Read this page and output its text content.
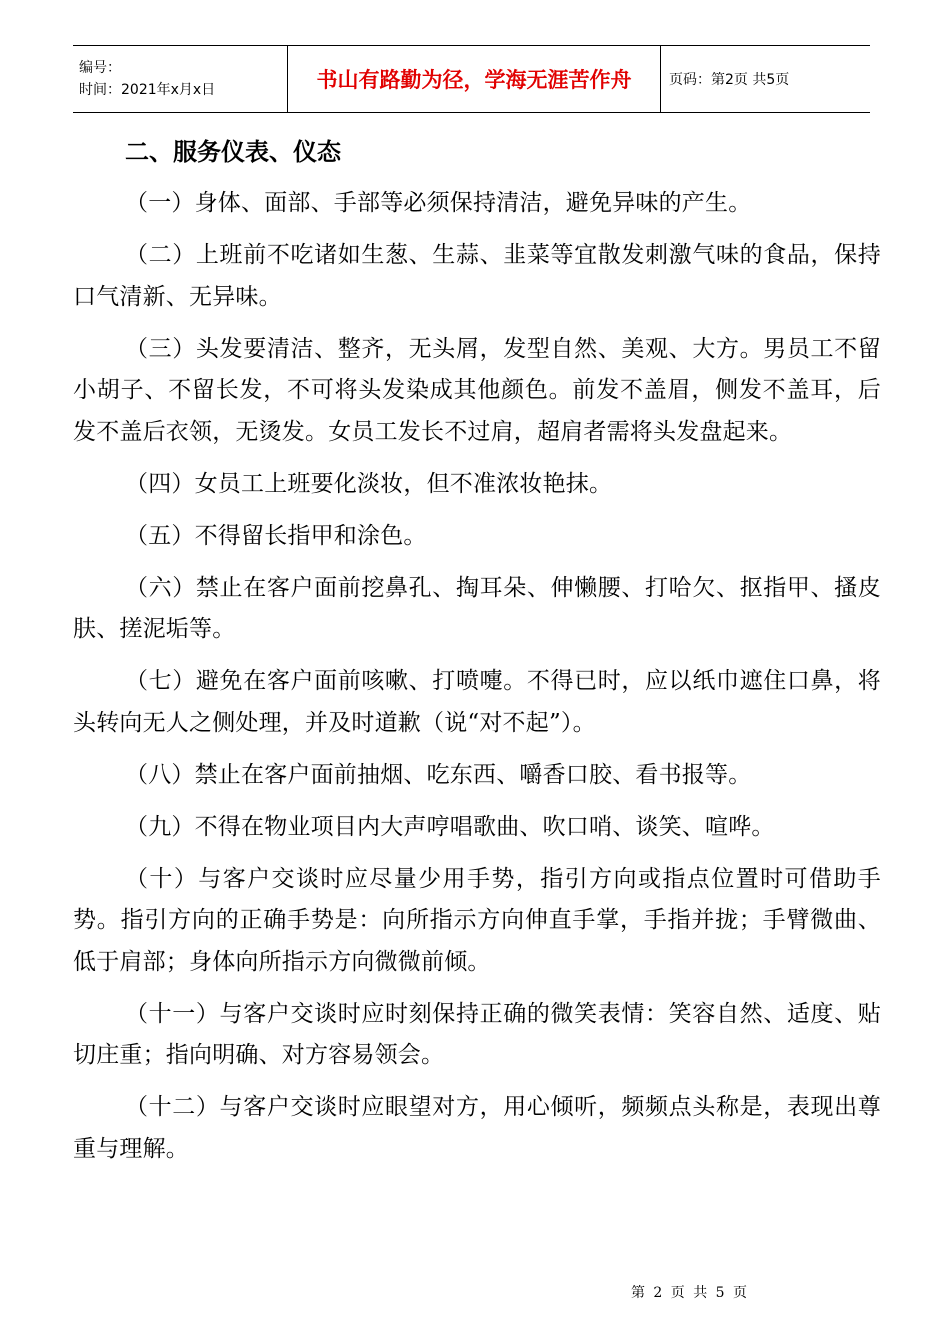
编号：
时间：2021年x月x日	书山有路勤为径，学海无涯苦作舟	页码：第2页 共5页
二、服务仪表、仪态

（一）身体、面部、手部等必须保持清洁，避免异味的产生。

（二）上班前不吃诸如生葱、生蒜、韭菜等宜散发刺激气味的食品，保持口气清新、无异味。

（三）头发要清洁、整齐，无头屑，发型自然、美观、大方。男员工不留小胡子、不留长发，不可将头发染成其他颜色。前发不盖眉，侧发不盖耳，后发不盖后衣领，无烫发。女员工发长不过肩，超肩者需将头发盘起来。

（四）女员工上班要化淡妆，但不准浓妆艳抹。

（五）不得留长指甲和涂色。

（六）禁止在客户面前挖鼻孔、掏耳朵、伸懒腰、打哈欠、抠指甲、搔皮肤、搓泥垢等。

（七）避免在客户面前咳嗽、打喷嚏。不得已时，应以纸巾遮住口鼻，将头转向无人之侧处理，并及时道歉（说“对不起”）。

（八）禁止在客户面前抽烟、吃东西、嚼香口胶、看书报等。

（九）不得在物业项目内大声哼唱歌曲、吹口哨、谈笑、喧哗。

（十）与客户交谈时应尽量少用手势，指引方向或指点位置时可借助手势。指引方向的正确手势是：向所指示方向伸直手掌，手指并拢；手臂微曲、低于肩部；身体向所指示方向微微前倾。

（十一）与客户交谈时应时刻保持正确的微笑表情：笑容自然、适度、贴切庄重；指向明确、对方容易领会。

（十二）与客户交谈时应眼望对方，用心倾听，频频点头称是，表现出尊重与理解。

第 2 页 共 5 页
